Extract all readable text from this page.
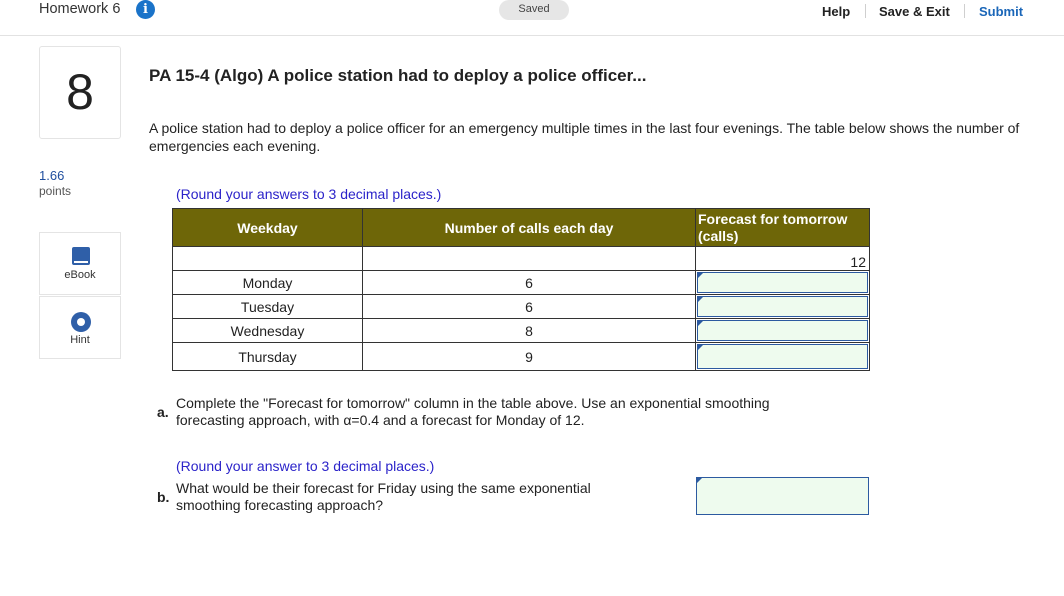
Homework 6	i	Saved	Help Save & Exit Submit
8
1.66
points
eBook
Hint
PA 15-4 (Algo) A police station had to deploy a police officer...
A police station had to deploy a police officer for an emergency multiple times in the last four evenings. The table below shows the number of emergencies each evening.
(Round your answers to 3 decimal places.)
Weekday	Number of calls each day	Forecast for tomorrow (calls)
		12
Monday	6	

Tuesday	6	

Wednesday	8	

Thursday	9	
a.
Complete the "Forecast for tomorrow" column in the table above. Use an exponential smoothing forecasting approach, with α=0.4 and a forecast for Monday of 12.
(Round your answer to 3 decimal places.)
b.
What would be their forecast for Friday using the same exponential smoothing forecasting approach?
